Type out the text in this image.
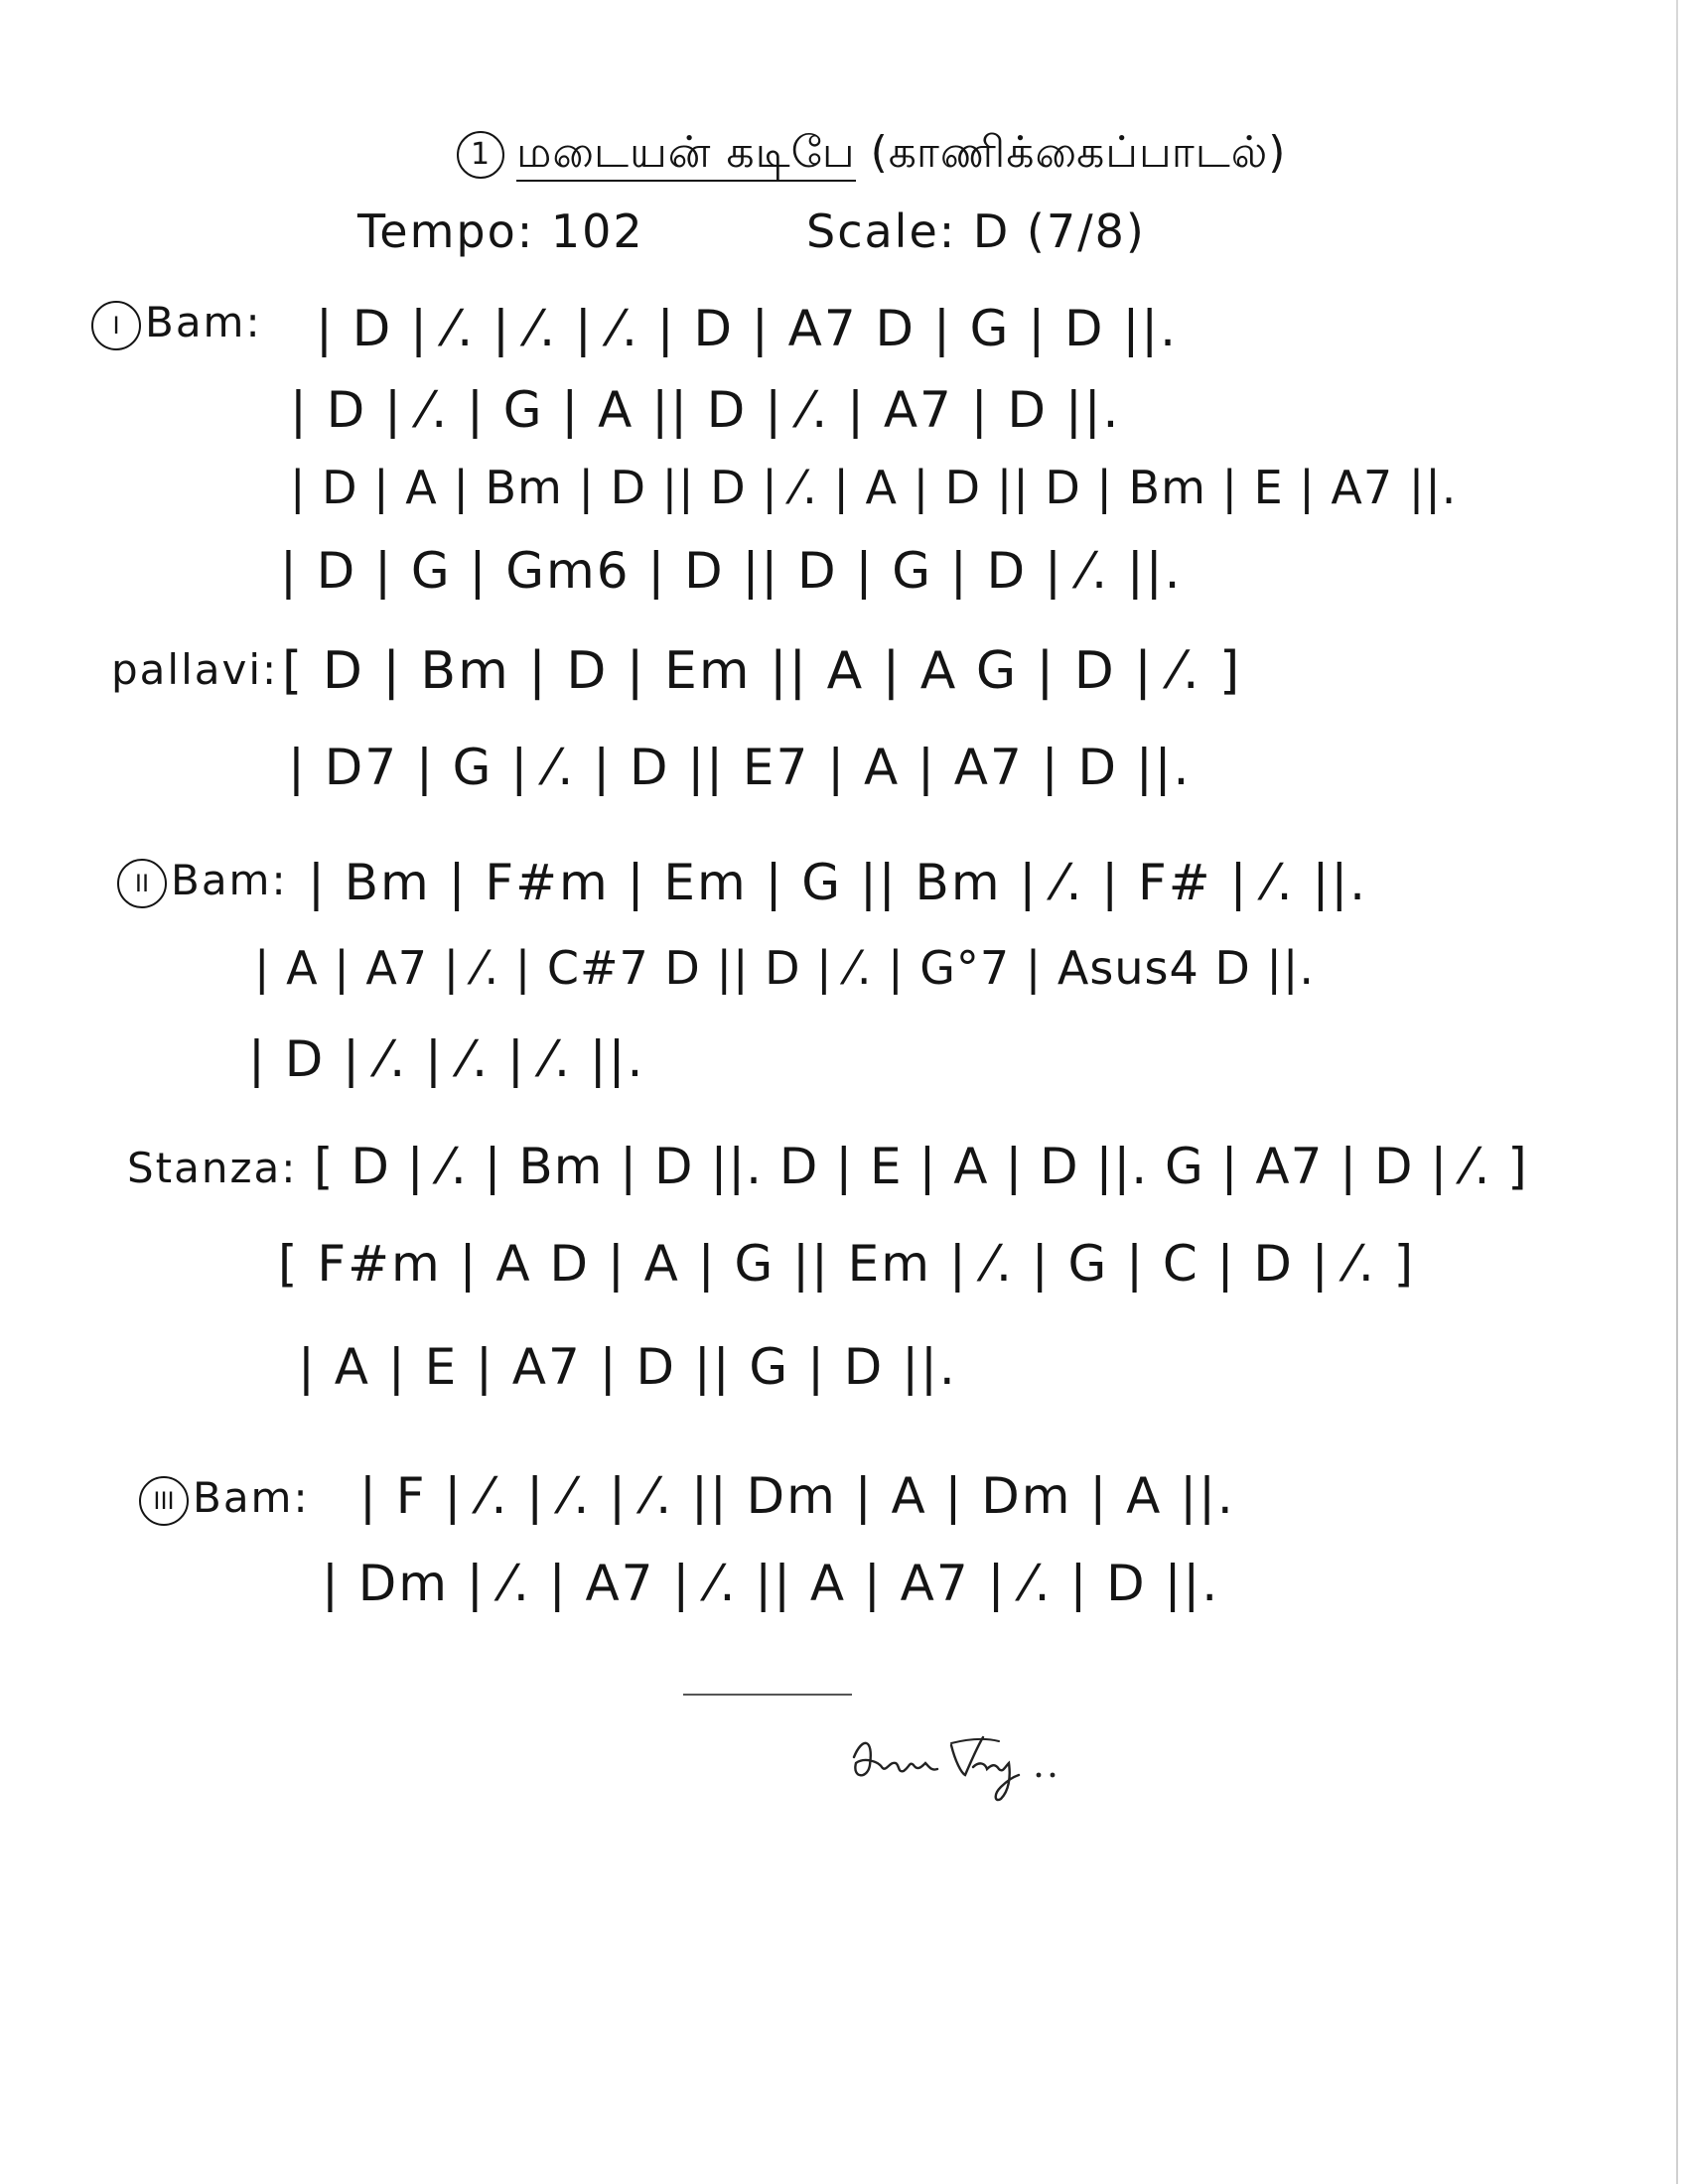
1 மடையன் கடிபே (காணிக்கைப்பாடல்)
Tempo: 102	Scale: D (7/8)
I Bam: | D | ⁄. | ⁄. | ⁄. | D | A7 D | G | D ||.
| D | ⁄. | G | A || D | ⁄. | A7 | D ||.
| D | A | Bm | D || D | ⁄. | A | D || D | Bm | E | A7 ||.
| D | G | Gm6 | D || D | G | D | ⁄. ||.
pallavi: [ D | Bm | D | Em || A | A G | D | ⁄. ]
| D7 | G | ⁄. | D || E7 | A | A7 | D ||.
II Bam: | Bm | F#m | Em | G || Bm | ⁄. | F# | ⁄. ||.
| A | A7 | ⁄. | C#7 D || D | ⁄. | G°7 | Asus4 D ||.
| D | ⁄. | ⁄. | ⁄. ||.
Stanza: [ D | ⁄. | Bm | D ||. D | E | A | D ||. G | A7 | D | ⁄. ]
[ F#m | A D | A | G || Em | ⁄. | G | C | D | ⁄. ]
| A | E | A7 | D || G | D ||.
III Bam: | F | ⁄. | ⁄. | ⁄. || Dm | A | Dm | A ||.
| Dm | ⁄. | A7 | ⁄. || A | A7 | ⁄. | D ||.
